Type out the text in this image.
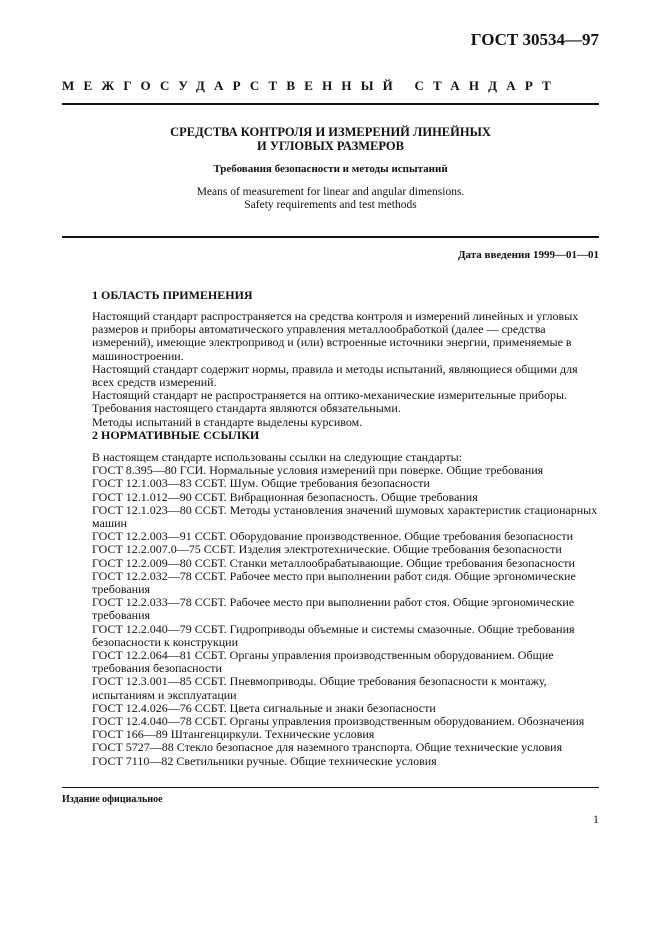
ГОСТ 30534—97
МЕЖГОСУДАРСТВЕННЫЙ СТАНДАРТ
СРЕДСТВА КОНТРОЛЯ И ИЗМЕРЕНИЙ ЛИНЕЙНЫХ
И УГЛОВЫХ РАЗМЕРОВ
Требования безопасности и методы испытаний
Means of measurement for linear and angular dimensions.
Safety requirements and test methods
Дата введения 1999—01—01
1 ОБЛАСТЬ ПРИМЕНЕНИЯ

Настоящий стандарт распространяется на средства контроля и измерений линейных и угловых размеров и приборы автоматического управления металлообработкой (далее — средства измерений), имеющие электропривод и (или) встроенные источники энергии, применяемые в машиностроении.

Настоящий стандарт содержит нормы, правила и методы испытаний, являющиеся общими для всех средств измерений.

Настоящий стандарт не распространяется на оптико-механические измерительные приборы.

Требования настоящего стандарта являются обязательными.

Методы испытаний в стандарте выделены курсивом.

2 НОРМАТИВНЫЕ ССЫЛКИ

В настоящем стандарте использованы ссылки на следующие стандарты:

ГОСТ 8.395—80 ГСИ. Нормальные условия измерений при поверке. Общие требования

ГОСТ 12.1.003—83 ССБТ. Шум. Общие требования безопасности

ГОСТ 12.1.012—90 ССБТ. Вибрационная безопасность. Общие требования

ГОСТ 12.1.023—80 ССБТ. Методы установления значений шумовых характеристик стационарных машин

ГОСТ 12.2.003—91 ССБТ. Оборудование производственное. Общие требования безопасности

ГОСТ 12.2.007.0—75 ССБТ. Изделия электротехнические. Общие требования безопасности

ГОСТ 12.2.009—80 ССБТ. Станки металлообрабатывающие. Общие требования безопасности

ГОСТ 12.2.032—78 ССБТ. Рабочее место при выполнении работ сидя. Общие эргономические требования

ГОСТ 12.2.033—78 ССБТ. Рабочее место при выполнении работ стоя. Общие эргономические требования

ГОСТ 12.2.040—79 ССБТ. Гидроприводы объемные и системы смазочные. Общие требования безопасности к конструкции

ГОСТ 12.2.064—81 ССБТ. Органы управления производственным оборудованием. Общие требования безопасности

ГОСТ 12.3.001—85 ССБТ. Пневмоприводы. Общие требования безопасности к монтажу, испытаниям и эксплуатации

ГОСТ 12.4.026—76 ССБТ. Цвета сигнальные и знаки безопасности

ГОСТ 12.4.040—78 ССБТ. Органы управления производственным оборудованием. Обозначения

ГОСТ 166—89 Штангенциркули. Технические условия

ГОСТ 5727—88 Стекло безопасное для наземного транспорта. Общие технические условия

ГОСТ 7110—82 Светильники ручные. Общие технические условия

Издание официальное
1
